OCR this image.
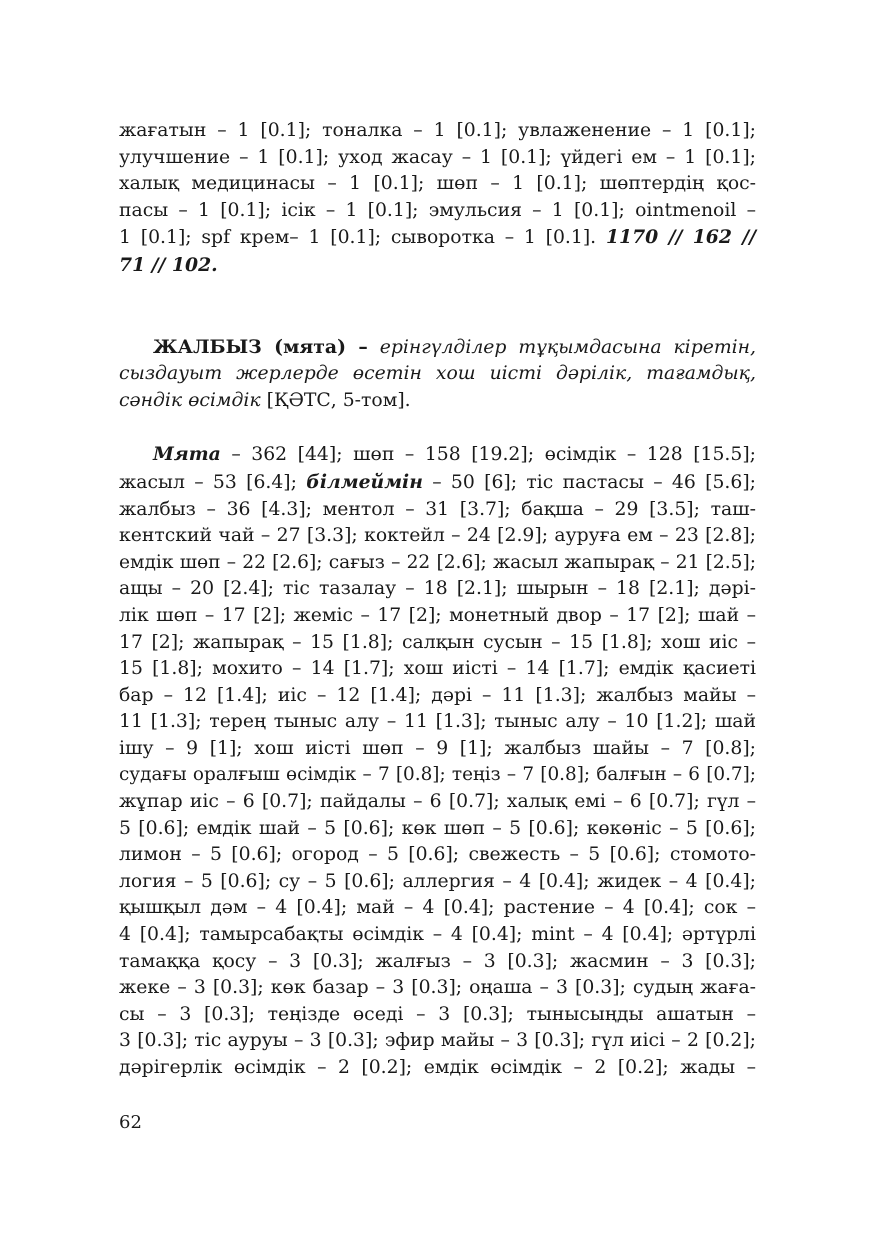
жағатын – 1 [0.1]; тоналка – 1 [0.1]; увлаженение – 1 [0.1];
улучшение – 1 [0.1]; уход жасау – 1 [0.1]; үйдегі ем – 1 [0.1];
халық медицинасы – 1 [0.1]; шөп – 1 [0.1]; шөптердің қос-
пасы – 1 [0.1]; ісік – 1 [0.1]; эмульсия – 1 [0.1]; ointmenoil –
1 [0.1]; spf крем– 1 [0.1]; сыворотка – 1 [0.1]. 1170 // 162 //
71 // 102.
ЖАЛБЫЗ (мята) – ерінгүлділер тұқымдасына кіретін,
сыздауыт жерлерде өсетін хош иісті дәрілік, тағамдық,
сәндік өсімдік [ҚӘТС, 5-том].
Мята – 362 [44]; шөп – 158 [19.2]; өсімдік – 128 [15.5];
жасыл – 53 [6.4]; білмеймін – 50 [6]; тіс пастасы – 46 [5.6];
жалбыз – 36 [4.3]; ментол – 31 [3.7]; бақша – 29 [3.5]; таш-
кентский чай – 27 [3.3]; коктейл – 24 [2.9]; ауруға ем – 23 [2.8];
емдік шөп – 22 [2.6]; сағыз – 22 [2.6]; жасыл жапырақ – 21 [2.5];
ащы – 20 [2.4]; тіс тазалау – 18 [2.1]; шырын – 18 [2.1]; дәрі-
лік шөп – 17 [2]; жеміс – 17 [2]; монетный двор – 17 [2]; шай –
17 [2]; жапырақ – 15 [1.8]; салқын сусын – 15 [1.8]; хош иіс –
15 [1.8]; мохито – 14 [1.7]; хош иісті – 14 [1.7]; емдік қасиеті
бар – 12 [1.4]; иіс – 12 [1.4]; дәрі – 11 [1.3]; жалбыз майы –
11 [1.3]; терең тыныс алу – 11 [1.3]; тыныс алу – 10 [1.2]; шай
ішу – 9 [1]; хош иісті шөп – 9 [1]; жалбыз шайы – 7 [0.8];
судағы оралғыш өсімдік – 7 [0.8]; теңіз – 7 [0.8]; балғын – 6 [0.7];
жұпар иіс – 6 [0.7]; пайдалы – 6 [0.7]; халық емі – 6 [0.7]; гүл –
5 [0.6]; емдік шай – 5 [0.6]; көк шөп – 5 [0.6]; көкөніс – 5 [0.6];
лимон – 5 [0.6]; огород – 5 [0.6]; свежесть – 5 [0.6]; стомото-
логия – 5 [0.6]; су – 5 [0.6]; аллергия – 4 [0.4]; жидек – 4 [0.4];
қышқыл дәм – 4 [0.4]; май – 4 [0.4]; растение – 4 [0.4]; сок –
4 [0.4]; тамырсабақты өсімдік – 4 [0.4]; mint – 4 [0.4]; әртүрлі
тамаққа қосу – 3 [0.3]; жалғыз – 3 [0.3]; жасмин – 3 [0.3];
жеке – 3 [0.3]; көк базар – 3 [0.3]; оңаша – 3 [0.3]; судың жаға-
сы – 3 [0.3]; теңізде өседі – 3 [0.3]; тынысыңды ашатын –
3 [0.3]; тіс ауруы – 3 [0.3]; эфир майы – 3 [0.3]; гүл иісі – 2 [0.2];
дәрігерлік өсімдік – 2 [0.2]; емдік өсімдік – 2 [0.2]; жады –
62
